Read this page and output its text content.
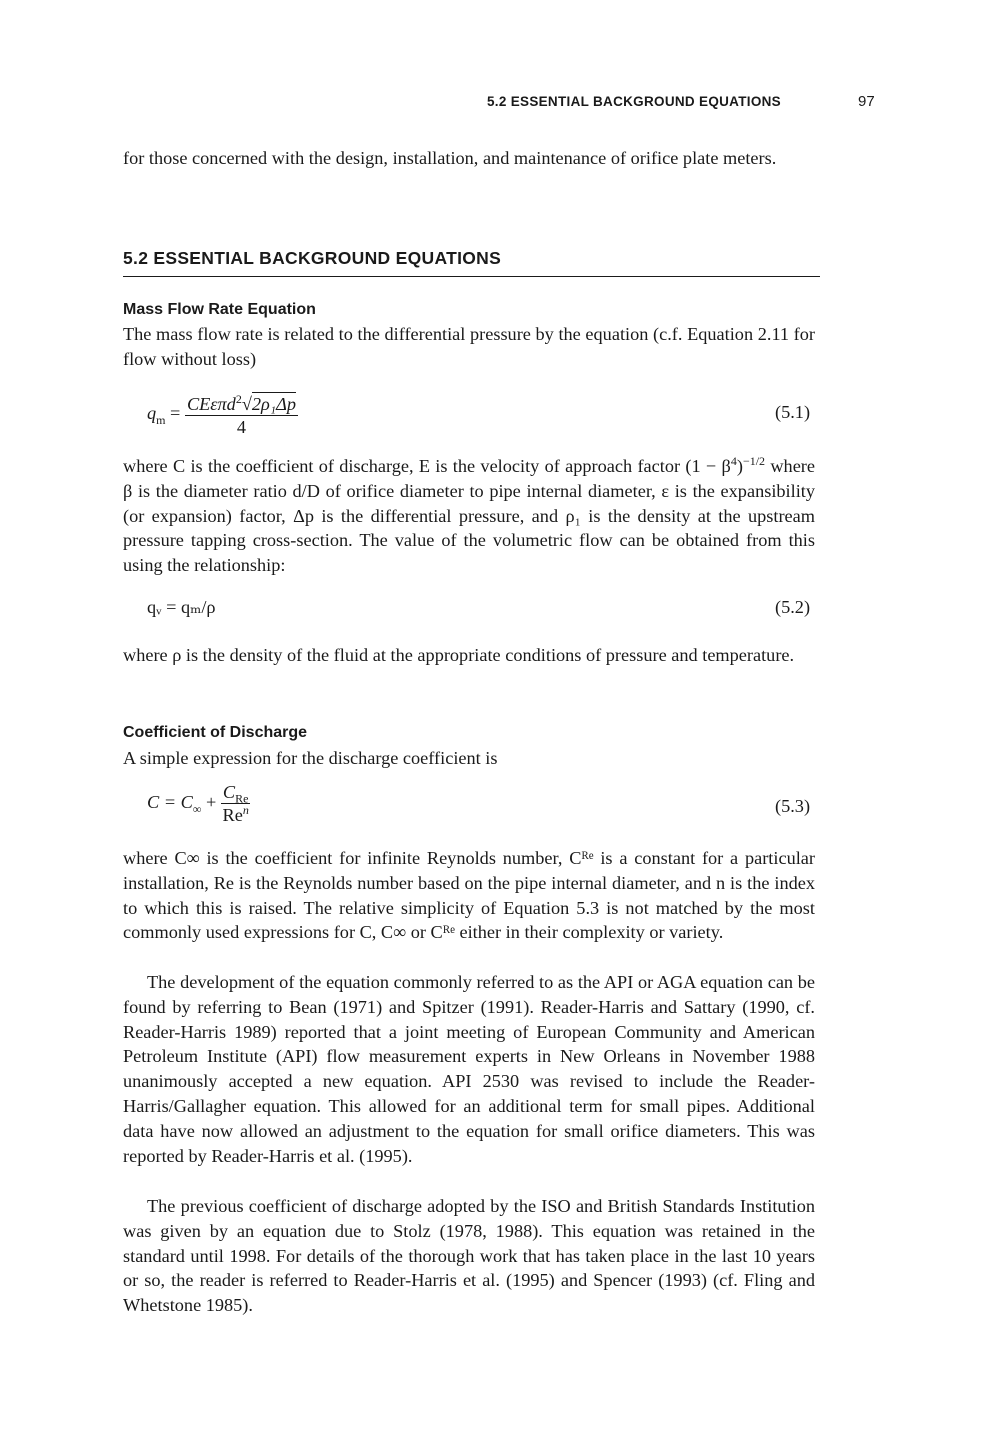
5.2 ESSENTIAL BACKGROUND EQUATIONS	97

for those concerned with the design, installation, and maintenance of orifice plate meters.

5.2 ESSENTIAL BACKGROUND EQUATIONS
Mass Flow Rate Equation

The mass flow rate is related to the differential pressure by the equation (c.f. Equation 2.11 for flow without loss)

$q_m = \frac{CE\varepsilon\pi d^2√2\rho_1\Delta p}{4}$	(5.1)

where C is the coefficient of discharge, E is the velocity of approach factor $(1 - \beta^4)^{-1/2}$ where β is the diameter ratio d/D of orifice diameter to pipe internal diameter, ε is the expansibility (or expansion) factor, Δp is the differential pressure, and ρ₁ is the density at the upstream pressure tapping cross-section. The value of the volumetric flow can be obtained from this using the relationship:

qᵥ = qₘ/ρ	(5.2)

where ρ is the density of the fluid at the appropriate conditions of pressure and temperature.

Coefficient of Discharge

A simple expression for the discharge coefficient is

$C = C_\infty + \frac{C_{Re}}{Re^n}$	(5.3)

where C∞ is the coefficient for infinite Reynolds number, Cᴿᵉ is a constant for a particular installation, Re is the Reynolds number based on the pipe internal diameter, and n is the index to which this is raised. The relative simplicity of Equation 5.3 is not matched by the most commonly used expressions for C, C∞ or Cᴿᵉ either in their complexity or variety.

The development of the equation commonly referred to as the API or AGA equation can be found by referring to Bean (1971) and Spitzer (1991). Reader-Harris and Sattary (1990, cf. Reader-Harris 1989) reported that a joint meeting of European Community and American Petroleum Institute (API) flow measurement experts in New Orleans in November 1988 unanimously accepted a new equation. API 2530 was revised to include the Reader-Harris/Gallagher equation. This allowed for an additional term for small pipes. Additional data have now allowed an adjustment to the equation for small orifice diameters. This was reported by Reader-Harris et al. (1995).

The previous coefficient of discharge adopted by the ISO and British Standards Institution was given by an equation due to Stolz (1978, 1988). This equation was retained in the standard until 1998. For details of the thorough work that has taken place in the last 10 years or so, the reader is referred to Reader-Harris et al. (1995) and Spencer (1993) (cf. Fling and Whetstone 1985).
